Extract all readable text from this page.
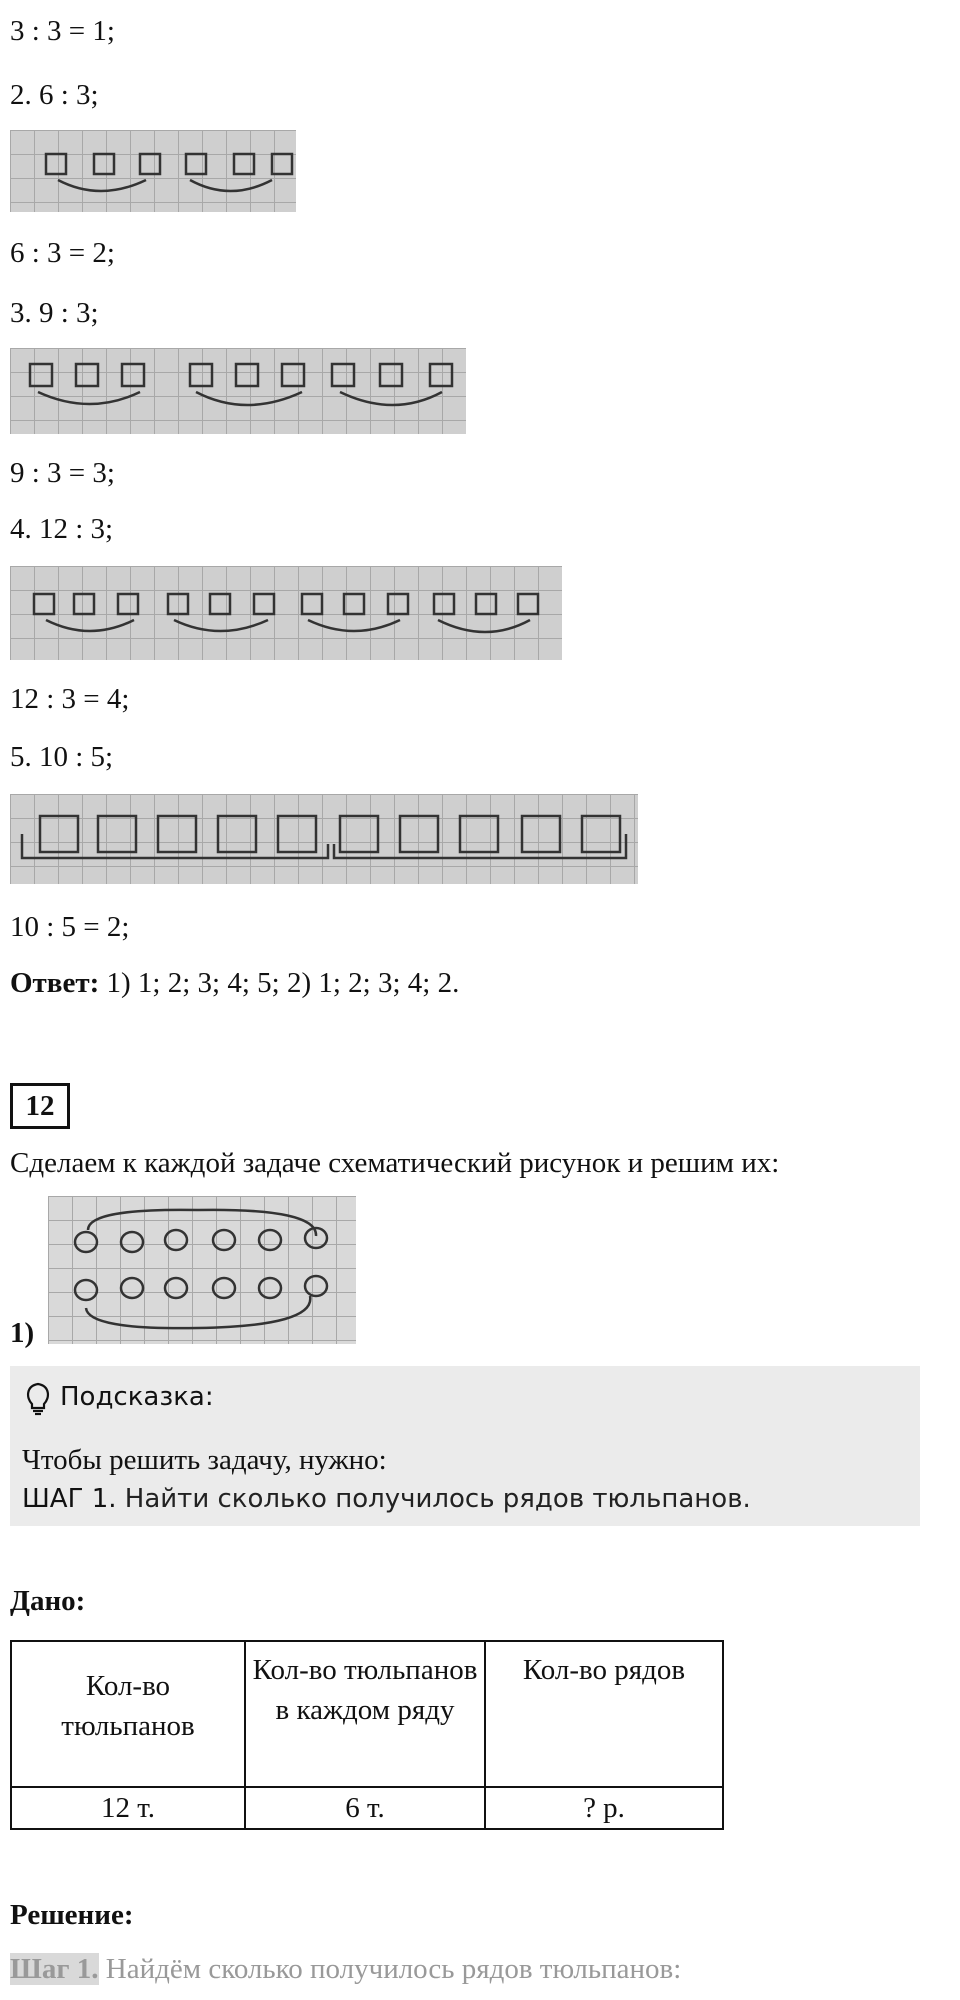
3 : 3 = 1;
2. 6 : 3;
6 : 3 = 2;
3. 9 : 3;
9 : 3 = 3;
4. 12 : 3;
12 : 3 = 4;
5. 10 : 5;
10 : 5 = 2;
Ответ: 1) 1; 2; 3; 4; 5; 2) 1; 2; 3; 4; 2.
12
Сделаем к каждой задаче схематический рисунок и решим их:
1)
Подсказка:
Чтобы решить задачу, нужно:
ШАГ 1. Найти сколько получилось рядов тюльпанов.
Дано:
Кол-во тюльпанов	Кол-во тюльпанов в каждом ряду	Кол-во рядов
12 т.	6 т.	? р.
Решение:
Шаг 1. Найдём сколько получилось рядов тюльпанов:
